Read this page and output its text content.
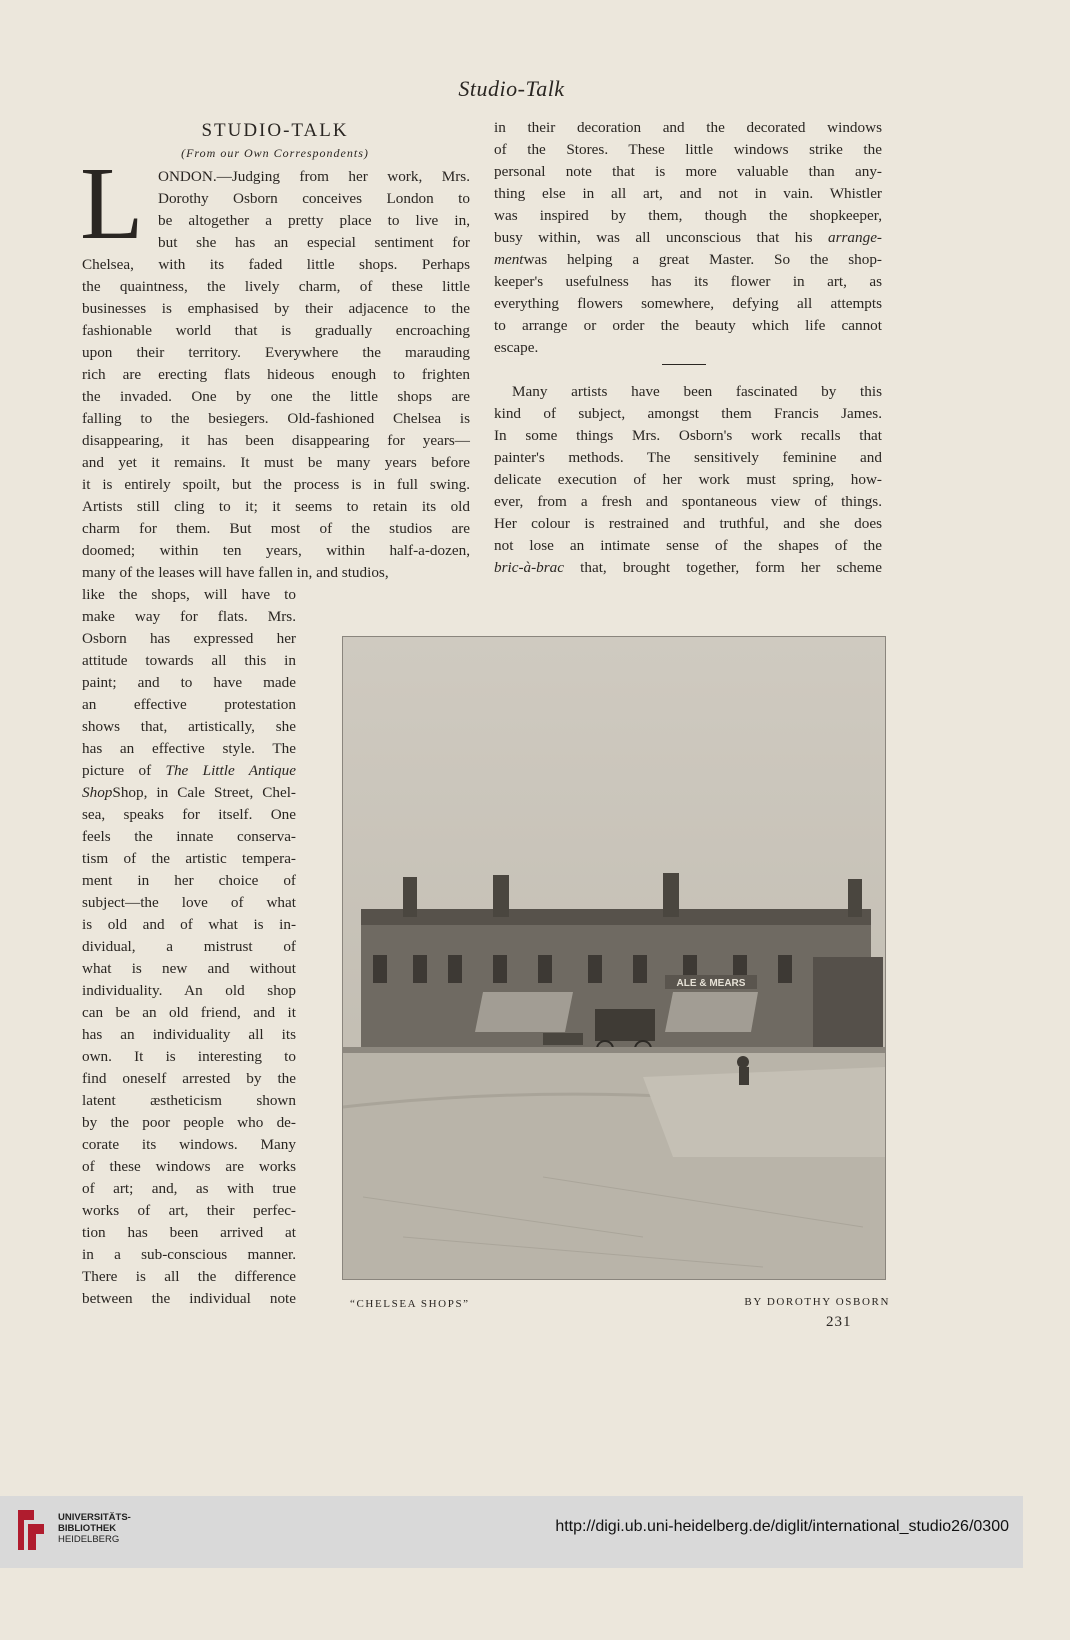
Studio-Talk
STUDIO-TALK
(From our Own Correspondents)
L ONDON.—Judging from her work, Mrs.
Dorothy Osborn conceives London to
be altogether a pretty place to live in,
but she has an especial sentiment for
Chelsea, with its faded little shops. Perhaps
the quaintness, the lively charm, of these little
businesses is emphasised by their adjacence to the
fashionable world that is gradually encroaching
upon their territory. Everywhere the marauding
rich are erecting flats hideous enough to frighten
the invaded. One by one the little shops are
falling to the besiegers. Old-fashioned Chelsea is
disappearing, it has been disappearing for years—
and yet it remains. It must be many years before
it is entirely spoilt, but the process is in full swing.
Artists still cling to it; it seems to retain its old
charm for them. But most of the studios are
doomed; within ten years, within half-a-dozen,
many of the leases will have fallen in, and studios,
like the shops, will have to
make way for flats. Mrs.
Osborn has expressed her
attitude towards all this in
paint; and to have made
an effective protestation
shows that, artistically, she
has an effective style. The
picture of The Little Antique
ShopShop, in Cale Street, Chel-
sea, speaks for itself. One
feels the innate conserva-
tism of the artistic tempera-
ment in her choice of
subject—the love of what
is old and of what is in-
dividual, a mistrust of
what is new and without
individuality. An old shop
can be an old friend, and it
has an individuality all its
own. It is interesting to
find oneself arrested by the
latent æstheticism shown
by the poor people who de-
corate its windows. Many
of these windows are works
of art; and, as with true
works of art, their perfec-
tion has been arrived at
in a sub-conscious manner.
There is all the difference
between the individual note
in their decoration and the decorated windows
of the Stores. These little windows strike the
personal note that is more valuable than any-
thing else in all art, and not in vain. Whistler
was inspired by them, though the shopkeeper,
busy within, was all unconscious that his arrange-
mentwas helping a great Master. So the shop-
keeper's usefulness has its flower in art, as
everything flowers somewhere, defying all attempts
to arrange or order the beauty which life cannot
escape.
Many artists have been fascinated by this
kind of subject, amongst them Francis James.
In some things Mrs. Osborn's work recalls that
painter's methods. The sensitively feminine and
delicate execution of her work must spring, how-
ever, from a fresh and spontaneous view of things.
Her colour is restrained and truthful, and she does
not lose an intimate sense of the shapes of the
bric-à-brac that, brought together, form her scheme
ALE & MEARS
“CHELSEA SHOPS”	BY DOROTHY OSBORN
231
UNIVERSITÄTS-
BIBLIOTHEK
HEIDELBERG
http://digi.ub.uni-heidelberg.de/diglit/international_studio26/0300
